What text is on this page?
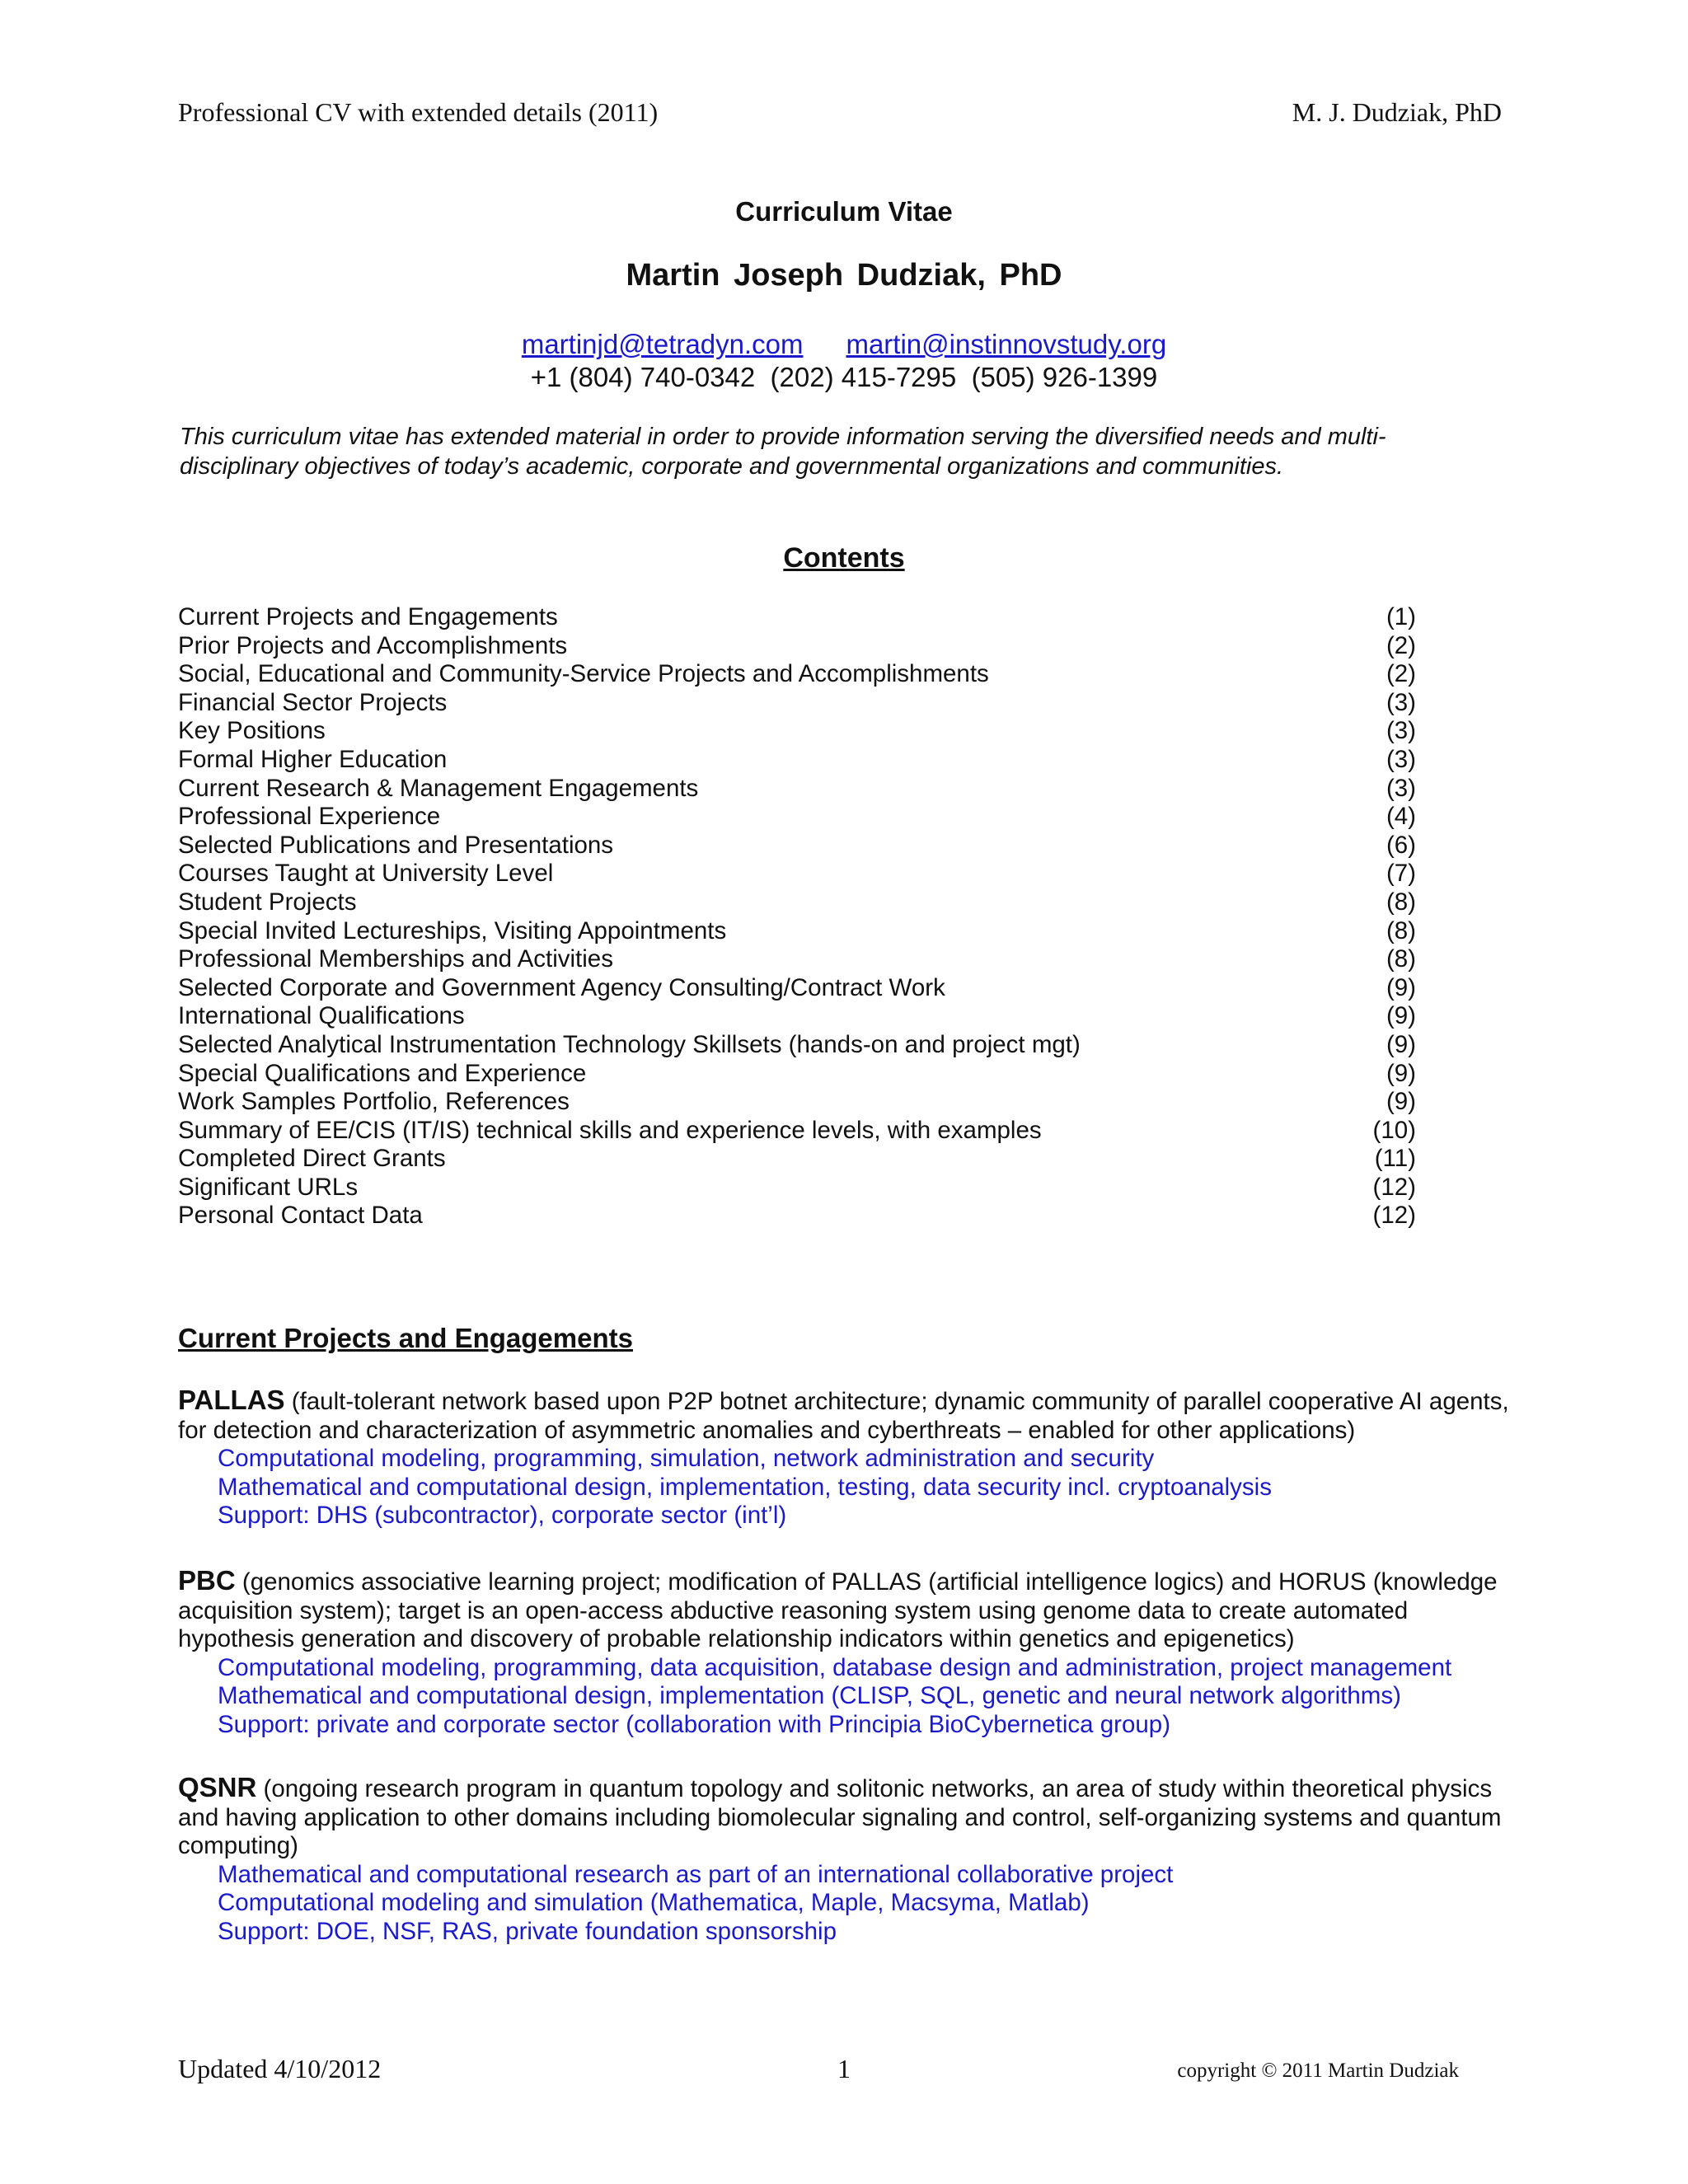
Professional CV with extended details (2011)	M. J. Dudziak, PhD
Curriculum Vitae
Martin Joseph Dudziak, PhD
martinjd@tetradyn.com martin@instinnovstudy.org
+1 (804) 740-0342  (202) 415-7295  (505) 926-1399
This curriculum vitae has extended material in order to provide information serving the diversified needs and multi-disciplinary objectives of today’s academic, corporate and governmental organizations and communities.
Contents
Current Projects and Engagements	(1)
Prior Projects and Accomplishments	(2)
Social, Educational and Community-Service Projects and Accomplishments	(2)
Financial Sector Projects	(3)
Key Positions	(3)
Formal Higher Education	(3)
Current Research & Management Engagements	(3)
Professional Experience	(4)
Selected Publications and Presentations	(6)
Courses Taught at University Level	(7)
Student Projects	(8)
Special Invited Lectureships, Visiting Appointments	(8)
Professional Memberships and Activities	(8)
Selected Corporate and Government Agency Consulting/Contract Work	(9)
International Qualifications	(9)
Selected Analytical Instrumentation Technology Skillsets (hands-on and project mgt)	(9)
Special Qualifications and Experience	(9)
Work Samples Portfolio, References	(9)
Summary of EE/CIS (IT/IS) technical skills and experience levels, with examples	(10)
Completed Direct Grants	(11)
Significant URLs	(12)
Personal Contact Data	(12)
Current Projects and Engagements
PALLAS (fault-tolerant network based upon P2P botnet architecture; dynamic community of parallel cooperative AI agents, for detection and characterization of asymmetric anomalies and cyberthreats – enabled for other applications)
Computational modeling, programming, simulation, network administration and security
Mathematical and computational design, implementation, testing, data security incl. cryptoanalysis
Support: DHS (subcontractor), corporate sector (int’l)
PBC (genomics associative learning project; modification of PALLAS (artificial intelligence logics) and HORUS (knowledge acquisition system); target is an open-access abductive reasoning system using genome data to create automated hypothesis generation and discovery of probable relationship indicators within genetics and epigenetics)
Computational modeling, programming, data acquisition, database design and administration, project management
Mathematical and computational design, implementation (CLISP, SQL, genetic and neural network algorithms)
Support: private and corporate sector (collaboration with Principia BioCybernetica group)
QSNR (ongoing research program in quantum topology and solitonic networks, an area of study within theoretical physics and having application to other domains including biomolecular signaling and control, self-organizing systems and quantum computing)
Mathematical and computational research as part of an international collaborative project
Computational modeling and simulation (Mathematica, Maple, Macsyma, Matlab)
Support: DOE, NSF, RAS, private foundation sponsorship
Updated 4/10/2012	1	copyright © 2011 Martin Dudziak
